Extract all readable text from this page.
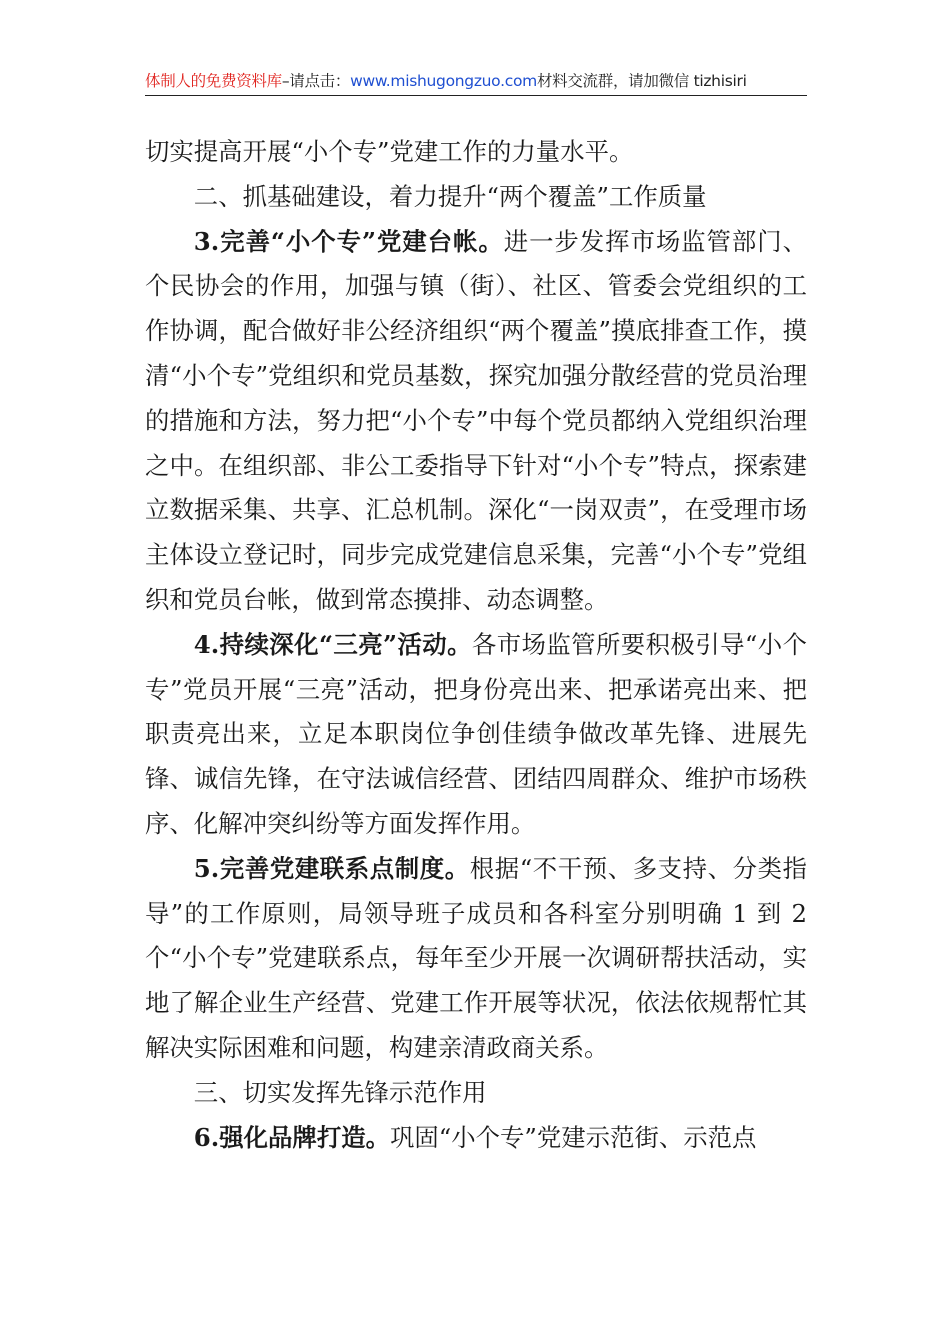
体制人的免费资料库–请点击：www.mishugongzuo.com材料交流群，请加微信 tizhisiri

切实提高开展“小个专”党建工作的力量水平。

二、抓基础建设，着力提升“两个覆盖”工作质量

3.完善“小个专”党建台帐。进一步发挥市场监管部门、个民协会的作用，加强与镇（街）、社区、管委会党组织的工作协调，配合做好非公经济组织“两个覆盖”摸底排查工作，摸清“小个专”党组织和党员基数，探究加强分散经营的党员治理的措施和方法，努力把“小个专”中每个党员都纳入党组织治理之中。在组织部、非公工委指导下针对“小个专”特点，探索建立数据采集、共享、汇总机制。深化“一岗双责”，在受理市场主体设立登记时，同步完成党建信息采集，完善“小个专”党组织和党员台帐，做到常态摸排、动态调整。

4.持续深化“三亮”活动。各市场监管所要积极引导“小个专”党员开展“三亮”活动，把身份亮出来、把承诺亮出来、把职责亮出来，立足本职岗位争创佳绩争做改革先锋、进展先锋、诚信先锋，在守法诚信经营、团结四周群众、维护市场秩序、化解冲突纠纷等方面发挥作用。

5.完善党建联系点制度。根据“不干预、多支持、分类指导”的工作原则，局领导班子成员和各科室分别明确 1 到 2 个“小个专”党建联系点，每年至少开展一次调研帮扶活动，实地了解企业生产经营、党建工作开展等状况，依法依规帮忙其解决实际困难和问题，构建亲清政商关系。

三、切实发挥先锋示范作用

6.强化品牌打造。巩固“小个专”党建示范街、示范点
